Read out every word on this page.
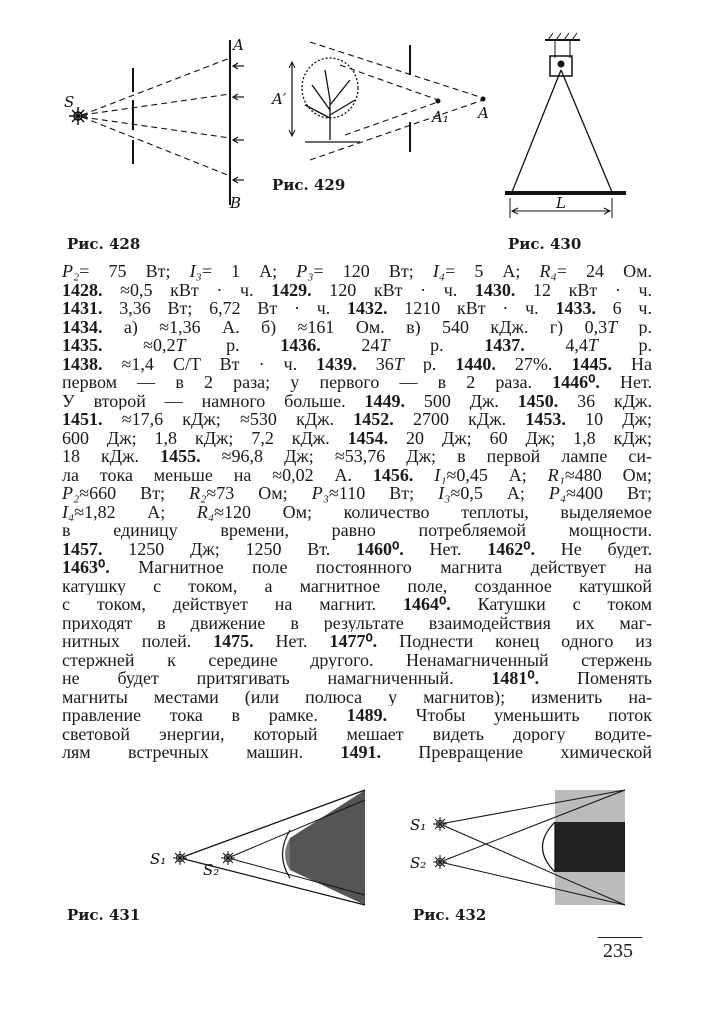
S
A
B
A′
A₁ A
L
Рис. 428
Рис. 429
Рис. 430
P₂= 75 Вт; I₃= 1 А; P₃= 120 Вт; I₄= 5 А; R₄= 24 Ом.
1428. ≈0,5 кВт · ч. 1429. 120 кВт · ч. 1430. 12 кВт · ч.
1431. 3,36 Вт; 6,72 Вт · ч. 1432. 1210 кВт · ч. 1433. 6 ч.
1434. а) ≈1,36 А. б) ≈161 Ом. в) 540 кДж. г) 0,3T р.
1435. ≈0,2T р. 1436. 24T р. 1437. 4,4T р.
1438. ≈1,4 С/T Вт · ч. 1439. 36T р. 1440. 27%. 1445. На
первом — в 2 раза; у первого — в 2 раза. 1446⁰. Нет.
У второй — намного больше. 1449. 500 Дж. 1450. 36 кДж.
1451. ≈17,6 кДж; ≈530 кДж. 1452. 2700 кДж. 1453. 10 Дж;
600 Дж; 1,8 кДж; 7,2 кДж. 1454. 20 Дж; 60 Дж; 1,8 кДж;
18 кДж. 1455. ≈96,8 Дж; ≈53,76 Дж; в первой лампе си-
ла тока меньше на ≈0,02 А. 1456. I₁≈0,45 А; R₁≈480 Ом;
P₂≈660 Вт; R₂≈73 Ом; P₃≈110 Вт; I₃≈0,5 А; P₄≈400 Вт;
I₄≈1,82 А; R₄≈120 Ом; количество теплоты, выделяемое
в единицу времени, равно потребляемой мощности.
1457. 1250 Дж; 1250 Вт. 1460⁰. Нет. 1462⁰. Не будет.
1463⁰. Магнитное поле постоянного магнита действует на
катушку с током, а магнитное поле, созданное катушкой
с током, действует на магнит. 1464⁰. Катушки с током
приходят в движение в результате взаимодействия их маг-
нитных полей. 1475. Нет. 1477⁰. Поднести конец одного из
стержней к середине другого. Ненамагниченный стержень
не будет притягивать намагниченный. 1481⁰. Поменять
магниты местами (или полюса у магнитов); изменить на-
правление тока в рамке. 1489. Чтобы уменьшить поток
световой энергии, который мешает видеть дорогу водите-
лям встречных машин. 1491. Превращение химической
S₁
S₂
S₁
S₂
Рис. 431	Рис. 432
235
